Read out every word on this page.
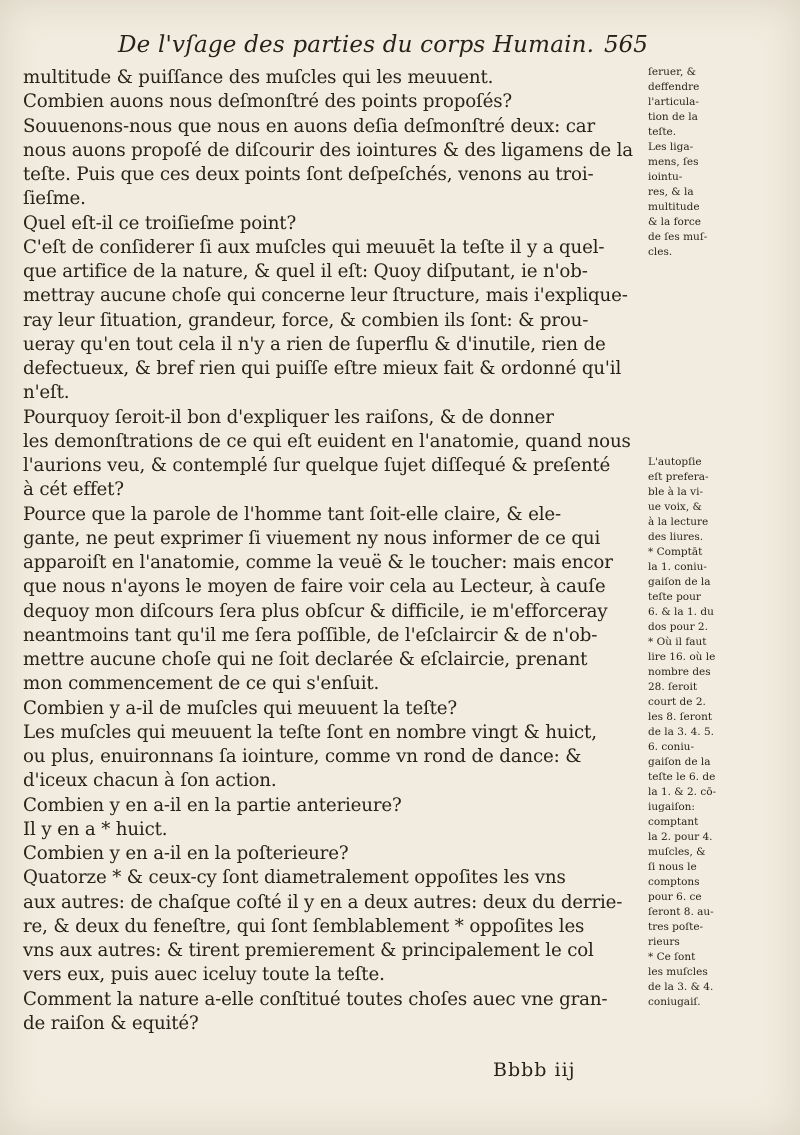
De l'vſage des parties du corps Humain. 565
multitude & puiſſance des muſcles qui les meuuent.
Combien auons nous deſmonſtré des points propoſés?
Souuenons-nous que nous en auons deſia deſmonſtré deux: car
nous auons propoſé de diſcourir des iointures & des ligamens de la
teſte. Puis que ces deux points ſont deſpeſchés, venons au troi-
ſieſme.
Quel eſt-il ce troiſieſme point?
C'eſt de conſiderer ſi aux muſcles qui meuuēt la teſte il y a quel-
que artifice de la nature, & quel il eſt: Quoy diſputant, ie n'ob-
mettray aucune choſe qui concerne leur ſtructure, mais i'explique-
ray leur ſituation, grandeur, force, & combien ils ſont: & prou-
ueray qu'en tout cela il n'y a rien de ſuperflu & d'inutile, rien de
defectueux, & bref rien qui puiſſe eſtre mieux fait & ordonné qu'il
n'eſt.
Pourquoy ſeroit-il bon d'expliquer les raiſons, & de donner
les demonſtrations de ce qui eſt euident en l'anatomie, quand nous
l'aurions veu, & contemplé ſur quelque ſujet diſſequé & preſenté
à cét effet?
Pource que la parole de l'homme tant ſoit-elle claire, & ele-
gante, ne peut exprimer ſi viuement ny nous informer de ce qui
apparoiſt en l'anatomie, comme la veuë & le toucher: mais encor
que nous n'ayons le moyen de faire voir cela au Lecteur, à cauſe
dequoy mon diſcours ſera plus obſcur & difficile, ie m'efforceray
neantmoins tant qu'il me ſera poſſible, de l'eſclaircir & de n'ob-
mettre aucune choſe qui ne ſoit declarée & eſclaircie, prenant
mon commencement de ce qui s'enſuit.
Combien y a-il de muſcles qui meuuent la teſte?
Les muſcles qui meuuent la teſte ſont en nombre vingt & huict,
ou plus, enuironnans ſa iointure, comme vn rond de dance: &
d'iceux chacun à ſon action.
Combien y en a-il en la partie anterieure?
Il y en a * huict.
Combien y en a-il en la poſterieure?
Quatorze * & ceux-cy ſont diametralement oppoſites les vns
aux autres: de chaſque coſté il y en a deux autres: deux du derrie-
re, & deux du feneſtre, qui ſont ſemblablement * oppoſites les
vns aux autres: & tirent premierement & principalement le col
vers eux, puis auec iceluy toute la teſte.
Comment la nature a-elle conſtitué toutes choſes auec vne gran-
de raiſon & equité?
ſeruer, &
deffendre
l'articula-
tion de la
teſte.
Les liga-
mens, ſes
iointu-
res, & la
multitude
& la force
de ſes muſ-
cles.
L'autopſie
eſt prefera-
ble à la vi-
ue voix, &
à la lecture
des liures.
* Comptāt
la 1. coniu-
gaiſon de la
teſte pour
6. & la 1. du
dos pour 2.
* Où il faut
lire 16. où le
nombre des
28. ſeroit
court de 2.
les 8. ſeront
de la 3. 4. 5.
6. coniu-
gaiſon de la
teſte le 6. de
la 1. & 2. cō-
iugaiſon:
comptant
la 2. pour 4.
muſcles, &
ſi nous le
comptons
pour 6. ce
ſeront 8. au-
tres poſte-
rieurs
* Ce ſont
les muſcles
de la 3. & 4.
coniugaiſ.
Bbbb iij
